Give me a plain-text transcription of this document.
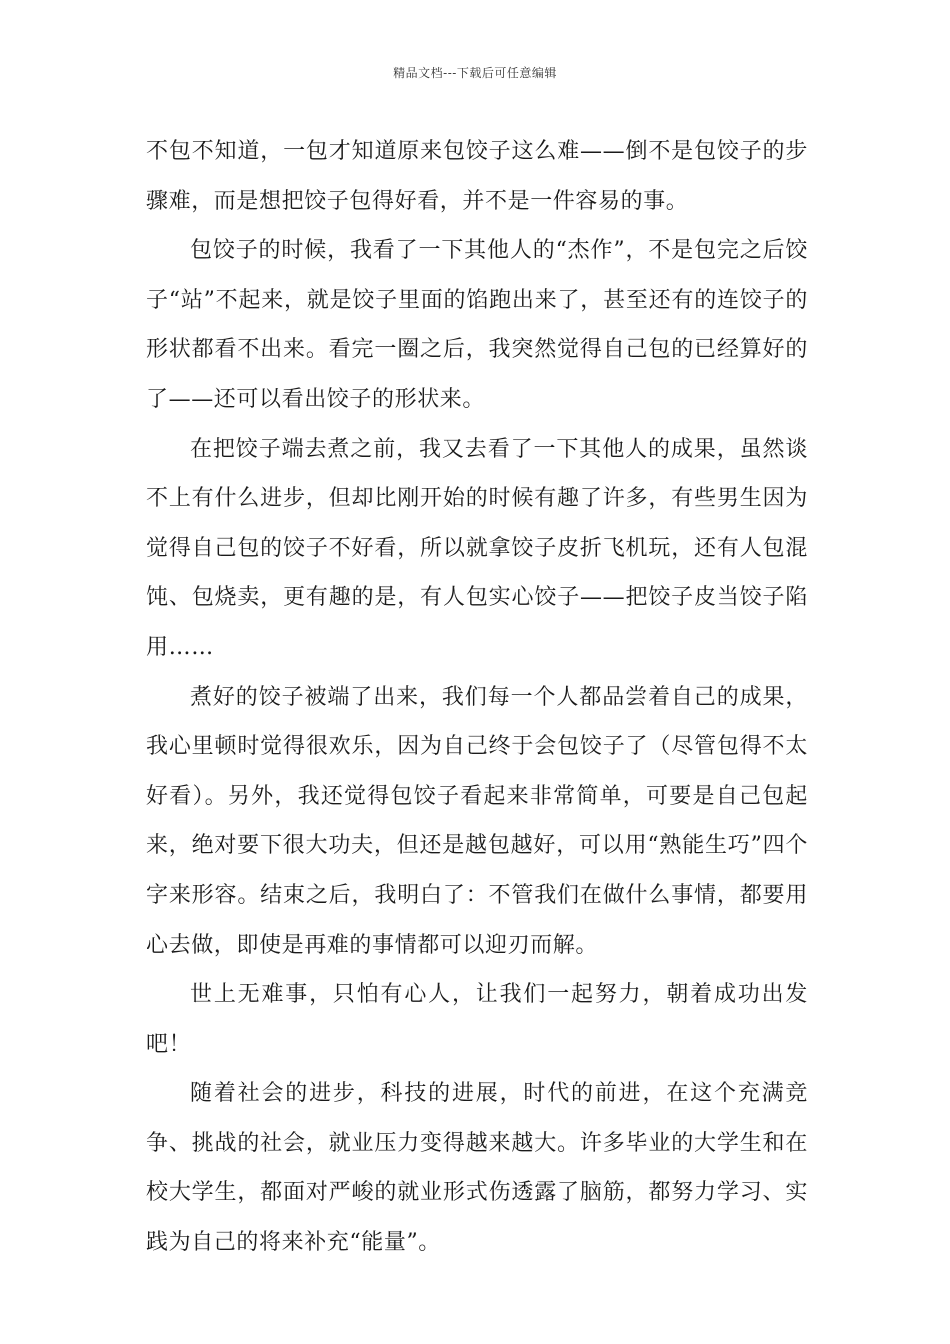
精品文档---下载后可任意编辑

不包不知道，一包才知道原来包饺子这么难——倒不是包饺子的步骤难，而是想把饺子包得好看，并不是一件容易的事。

包饺子的时候，我看了一下其他人的“杰作”，不是包完之后饺子“站”不起来，就是饺子里面的馅跑出来了，甚至还有的连饺子的形状都看不出来。看完一圈之后，我突然觉得自己包的已经算好的了——还可以看出饺子的形状来。

在把饺子端去煮之前，我又去看了一下其他人的成果，虽然谈不上有什么进步，但却比刚开始的时候有趣了许多，有些男生因为觉得自己包的饺子不好看，所以就拿饺子皮折飞机玩，还有人包混饨、包烧卖，更有趣的是，有人包实心饺子——把饺子皮当饺子陷用……

煮好的饺子被端了出来，我们每一个人都品尝着自己的成果，我心里顿时觉得很欢乐，因为自己终于会包饺子了（尽管包得不太好看）。另外，我还觉得包饺子看起来非常简单，可要是自己包起来，绝对要下很大功夫，但还是越包越好，可以用“熟能生巧”四个字来形容。结束之后，我明白了：不管我们在做什么事情，都要用心去做，即使是再难的事情都可以迎刃而解。

世上无难事，只怕有心人，让我们一起努力，朝着成功出发吧！

随着社会的进步，科技的进展，时代的前进，在这个充满竞争、挑战的社会，就业压力变得越来越大。许多毕业的大学生和在校大学生，都面对严峻的就业形式伤透露了脑筋，都努力学习、实践为自己的将来补充“能量”。
